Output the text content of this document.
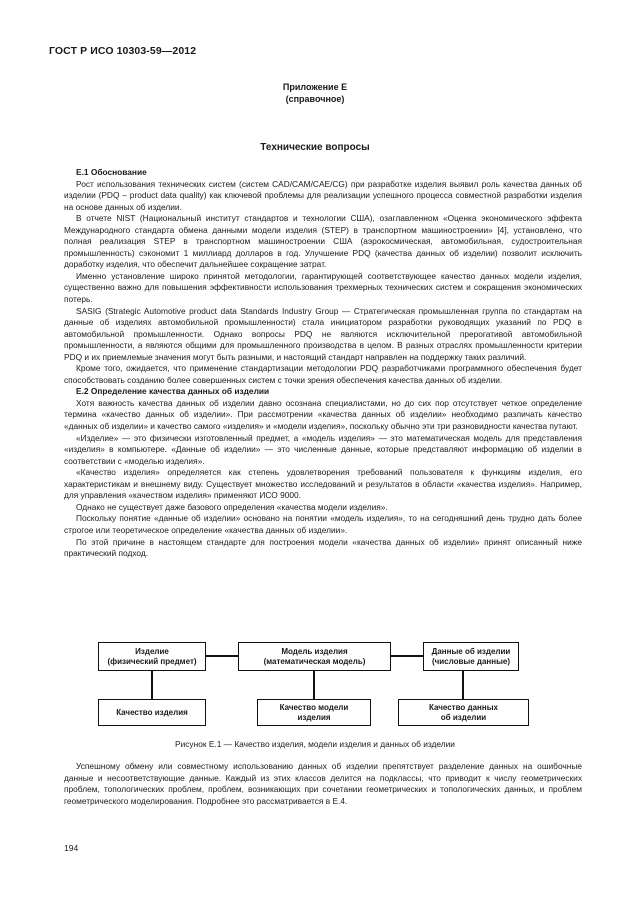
ГОСТ Р ИСО 10303-59—2012
Приложение Е
(справочное)
Технические вопросы
Е.1 Обоснование

Рост использования технических систем (систем CAD/CAM/CAE/CG) при разработке изделия выявил роль качества данных об изделии (PDQ – product data quality) как ключевой проблемы для реализации успешного процесса совместной разработки изделия на основе данных об изделии.

В отчете NIST (Национальный институт стандартов и технологии США), озаглавленном «Оценка экономического эффекта Международного стандарта обмена данными модели изделия (STEP) в транспортном машиностроении» [4], установлено, что полная реализация STEP в транспортном машиностроении США (аэрокосмическая, автомобильная, судостроительная промышленность) сэкономит 1 миллиард долларов в год. Улучшение PDQ (качества данных об изделии) позволит исключить доработку изделия, что обеспечит дальнейшее сокращение затрат.

Именно установление широко принятой методологии, гарантирующей соответствующее качество данных модели изделия, существенно важно для повышения эффективности использования трехмерных технических систем и сокращения экономических потерь.

SASIG (Strategic Automotive product data Standards Industry Group — Стратегическая промышленная группа по стандартам на данные об изделиях автомобильной промышленности) стала инициатором разработки руководящих указаний по PDQ в автомобильной промышленности. Однако вопросы PDQ не являются исключительной прерогативой автомобильной промышленности, а являются общими для промышленного производства в целом. В разных отраслях промышленности критерии PDQ и их приемлемые значения могут быть разными, и настоящий стандарт направлен на поддержку таких различий.

Кроме того, ожидается, что применение стандартизации методологии PDQ разработчиками программного обеспечения будет способствовать созданию более совершенных систем с точки зрения обеспечения качества данных об изделии.

Е.2 Определение качества данных об изделии

Хотя важность качества данных об изделии давно осознана специалистами, но до сих пор отсутствует четкое определение термина «качество данных об изделии». При рассмотрении «качества данных об изделии» необходимо различать качество «данных об изделии» и качество самого «изделия» и «модели изделия», поскольку обычно эти три разновидности качества путают.

«Изделие» — это физически изготовленный предмет, а «модель изделия» — это математическая модель для представления «изделия» в компьютере. «Данные об изделии» — это численные данные, которые представляют информацию об изделии в соответствии с «моделью изделия».

«Качество изделия» определяется как степень удовлетворения требований пользователя к функциям изделия, его характеристикам и внешнему виду. Существует множество исследований и результатов в области «качества изделия». Например, для управления «качеством изделия» применяют ИСО 9000.

Однако не существует даже базового определения «качества модели изделия».

Поскольку понятие «данные об изделии» основано на понятии «модель изделия», то на сегодняшний день трудно дать более строгое или теоретическое определение «качества данных об изделии».

По этой причине в настоящем стандарте для построения модели «качества данных об изделии» принят описанный ниже практический подход.

Изделие
(физический предмет)
Модель изделия
(математическая модель)
Данные об изделии
(числовые данные)
Качество изделия
Качество модели
изделия
Качество данных
об изделии
Рисунок Е.1 — Качество изделия, модели изделия и данных об изделии

Успешному обмену или совместному использованию данных об изделии препятствует разделение данных на ошибочные данные и несоответствующие данные. Каждый из этих классов делится на подклассы, что приводит к числу геометрических проблем, топологических проблем, проблем, возникающих при сочетании геометрических и топологических данных, и проблем геометрического моделирования. Подробнее это рассматривается в Е.4.

194
